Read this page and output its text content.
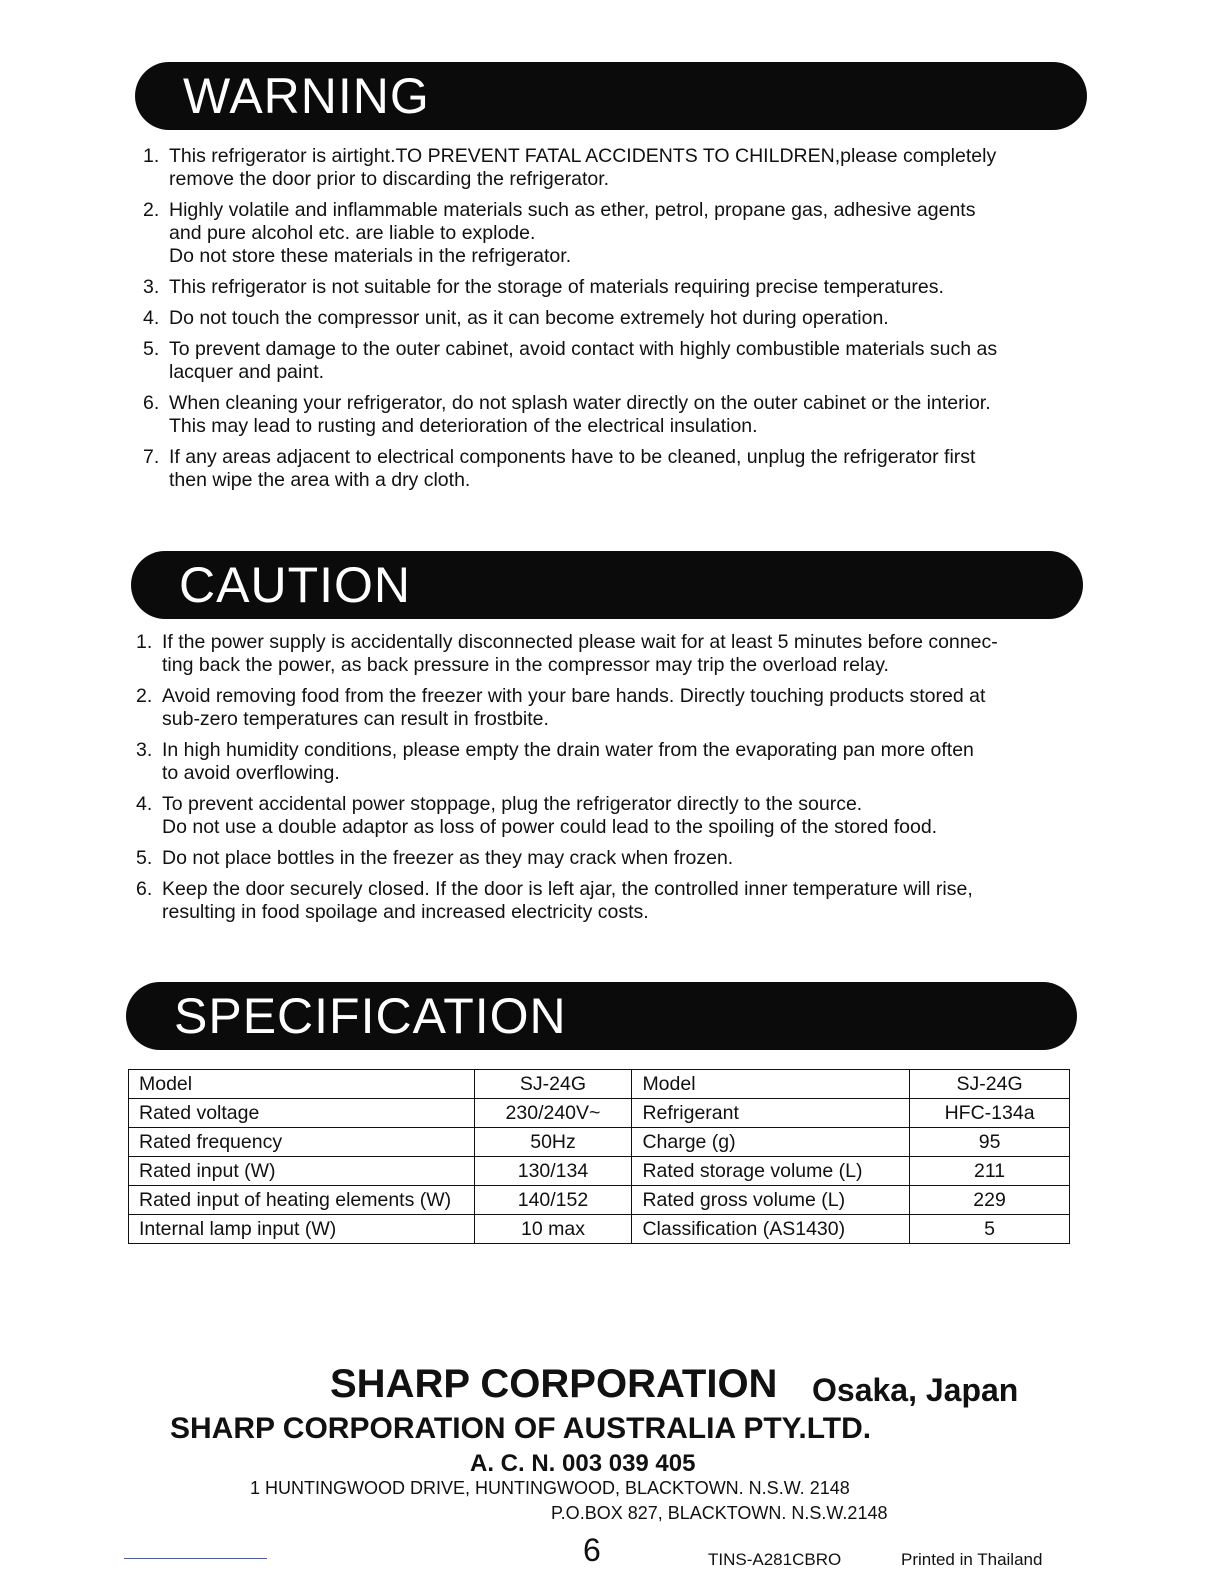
WARNING
1. This refrigerator is airtight.TO PREVENT FATAL ACCIDENTS TO CHILDREN,please completely
remove the door prior to discarding the refrigerator.
2. Highly volatile and inflammable materials such as ether, petrol, propane gas, adhesive agents
and pure alcohol etc. are liable to explode.
Do not store these materials in the refrigerator.
3. This refrigerator is not suitable for the storage of materials requiring precise temperatures.
4. Do not touch the compressor unit, as it can become extremely hot during operation.
5. To prevent damage to the outer cabinet, avoid contact with highly combustible materials such as
lacquer and paint.
6. When cleaning your refrigerator, do not splash water directly on the outer cabinet or the interior.
This may lead to rusting and deterioration of the electrical insulation.
7. If any areas adjacent to electrical components have to be cleaned, unplug the refrigerator first
then wipe the area with a dry cloth.
CAUTION
1. If the power supply is accidentally disconnected please wait for at least 5 minutes before connec-
ting back the power, as back pressure in the compressor may trip the overload relay.
2. Avoid removing food from the freezer with your bare hands. Directly touching products stored at
sub-zero temperatures can result in frostbite.
3. In high humidity conditions, please empty the drain water from the evaporating pan more often
to avoid overflowing.
4. To prevent accidental power stoppage, plug the refrigerator directly to the source.
Do not use a double adaptor as loss of power could lead to the spoiling of the stored food.
5. Do not place bottles in the freezer as they may crack when frozen.
6. Keep the door securely closed. If the door is left ajar, the controlled inner temperature will rise,
resulting in food spoilage and increased electricity costs.
SPECIFICATION
Model	SJ-24G	Model	SJ-24G
Rated voltage	230/240V~	Refrigerant	HFC-134a
Rated frequency	50Hz	Charge (g)	95
Rated input (W)	130/134	Rated storage volume (L)	211
Rated input of heating elements (W)	140/152	Rated gross volume (L)	229
Internal lamp input (W)	10 max	Classification (AS1430)	5
SHARP CORPORATION Osaka, Japan
SHARP CORPORATION OF AUSTRALIA PTY.LTD.
A. C. N. 003 039 405
1 HUNTINGWOOD DRIVE, HUNTINGWOOD, BLACKTOWN. N.S.W. 2148
P.O.BOX 827, BLACKTOWN. N.S.W.2148
6	TINS-A281CBRO	Printed in Thailand
